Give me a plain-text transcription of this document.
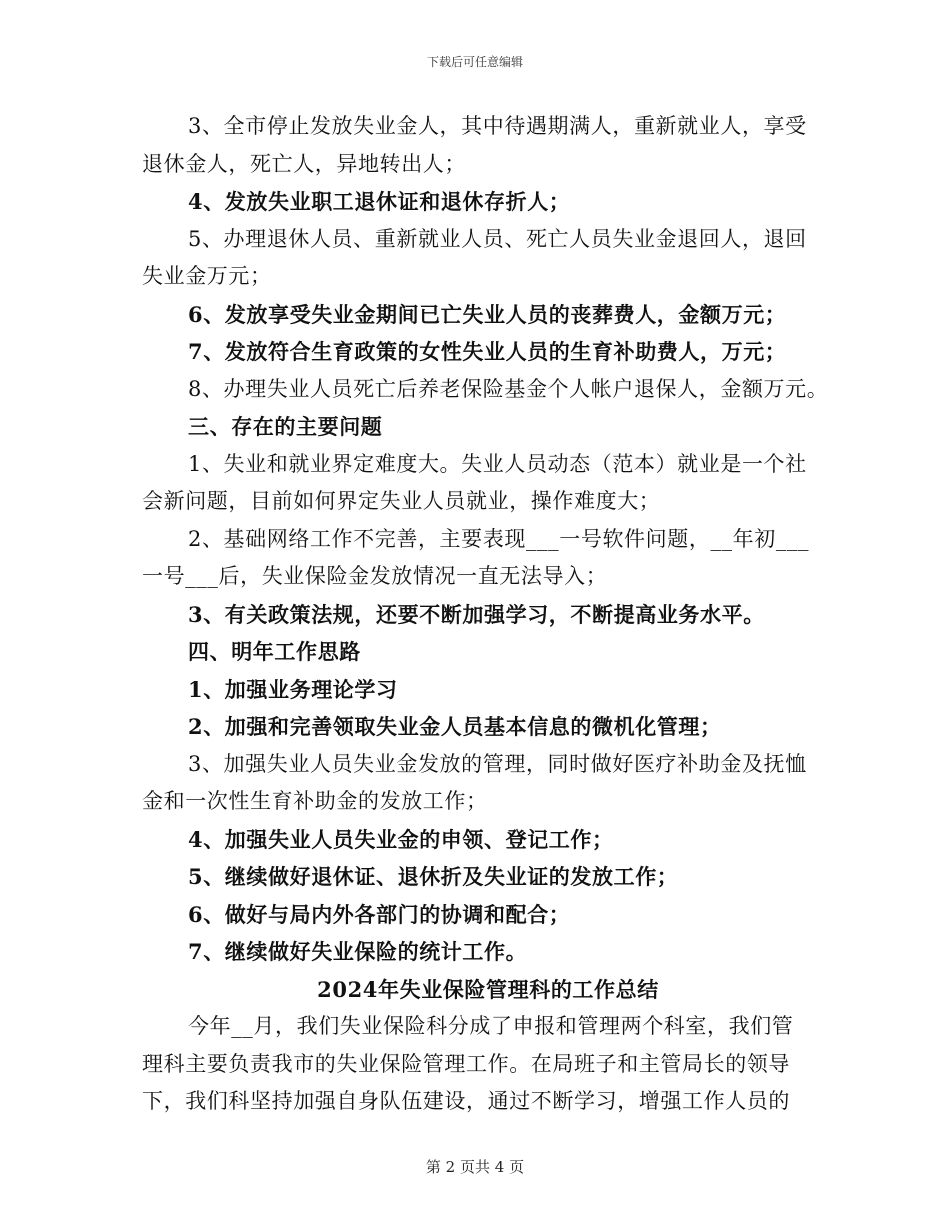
下载后可任意编辑
3、全市停止发放失业金人，其中待遇期满人，重新就业人，享受
退休金人，死亡人，异地转出人；
4、发放失业职工退休证和退休存折人；
5、办理退休人员、重新就业人员、死亡人员失业金退回人，退回
失业金万元；
6、发放享受失业金期间已亡失业人员的丧葬费人，金额万元；
7、发放符合生育政策的女性失业人员的生育补助费人，万元；
8、办理失业人员死亡后养老保险基金个人帐户退保人，金额万元。
三、存在的主要问题
1、失业和就业界定难度大。失业人员动态（范本）就业是一个社
会新问题，目前如何界定失业人员就业，操作难度大；
2、基础网络工作不完善，主要表现___一号软件问题，__年初___
一号___后，失业保险金发放情况一直无法导入；
3、有关政策法规，还要不断加强学习，不断提高业务水平。
四、明年工作思路
1、加强业务理论学习
2、加强和完善领取失业金人员基本信息的微机化管理；
3、加强失业人员失业金发放的管理，同时做好医疗补助金及抚恤
金和一次性生育补助金的发放工作；
4、加强失业人员失业金的申领、登记工作；
5、继续做好退休证、退休折及失业证的发放工作；
6、做好与局内外各部门的协调和配合；
7、继续做好失业保险的统计工作。
2024年失业保险管理科的工作总结
今年__月，我们失业保险科分成了申报和管理两个科室，我们管
理科主要负责我市的失业保险管理工作。在局班子和主管局长的领导
下，我们科坚持加强自身队伍建设，通过不断学习，增强工作人员的
第 2 页共 4 页
